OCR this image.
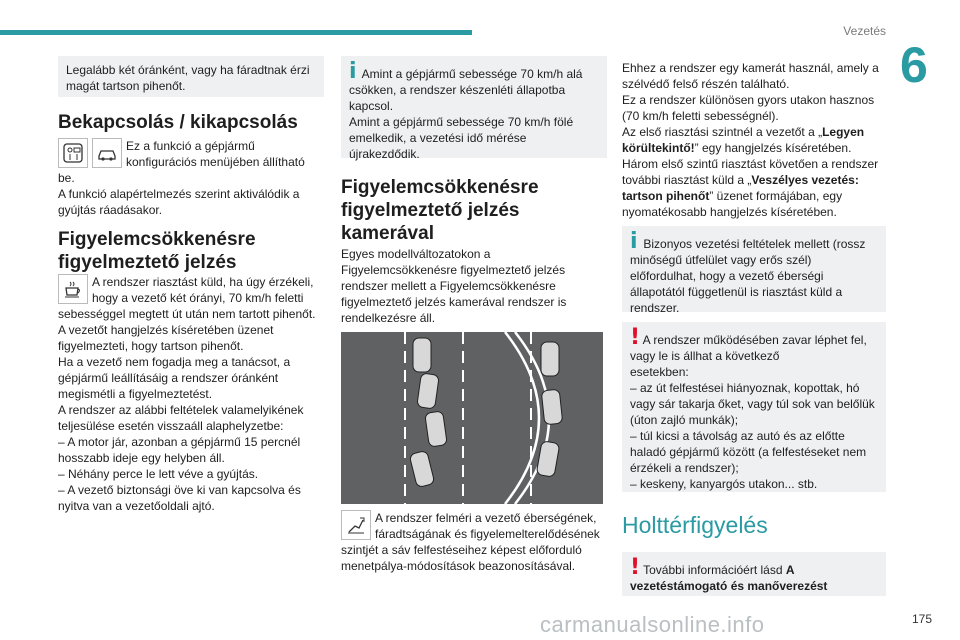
Vezetés
6
Legalább két óránként, vagy ha fáradtnak érzi magát tartson pihenőt.
Bekapcsolás / kikapcsolás

Ez a funkció a gépjármű konfigurációs menüjében állítható be.

A funkció alapértelmezés szerint aktiválódik a gyújtás ráadásakor.

Figyelemcsökkenésre figyelmeztető jelzés

A rendszer riasztást küld, ha úgy érzékeli, hogy a vezető két órányi, 70 km/h feletti sebességgel megtett út után nem tartott pihenőt.

A vezetőt hangjelzés kíséretében üzenet figyelmezteti, hogy tartson pihenőt.

Ha a vezető nem fogadja meg a tanácsot, a gépjármű leállításáig a rendszer óránként megismétli a figyelmeztetést.

A rendszer az alábbi feltételek valamelyikének teljesülése esetén visszaáll alaphelyzetbe:

– A motor jár, azonban a gépjármű 15 percnél hosszabb ideje egy helyben áll.

– Néhány perce le lett véve a gyújtás.

– A vezető biztonsági öve ki van kapcsolva és nyitva van a vezetőoldali ajtó.

i Amint a gépjármű sebessége 70 km/h alá csökken, a rendszer készenléti állapotba kapcsol.
Amint a gépjármű sebessége 70 km/h fölé emelkedik, a vezetési idő mérése újrakezdődik.
Figyelemcsökkenésre figyelmeztető jelzés kamerával

Egyes modellváltozatokon a Figyelemcsökkenésre figyelmeztető jelzés rendszer mellett a Figyelemcsökkenésre figyelmeztető jelzés kamerával rendszer is rendelkezésre áll.

A rendszer felméri a vezető éberségének, fáradtságának és figyelemelterelődésének szintjét a sáv felfestéseihez képest előforduló menetpálya-módosítások beazonosításával.

Ehhez a rendszer egy kamerát használ, amely a szélvédő felső részén található.

Ez a rendszer különösen gyors utakon hasznos (70 km/h feletti sebességnél).

Az első riasztási szintnél a vezetőt a „Legyen körültekintő!” egy hangjelzés kíséretében.

Három első szintű riasztást követően a rendszer további riasztást küld a „Veszélyes vezetés: tartson pihenőt” üzenet formájában, egy nyomatékosabb hangjelzés kíséretében.

i Bizonyos vezetési feltételek mellett (rossz minőségű útfelület vagy erős szél)
előfordulhat, hogy a vezető éberségi állapotától függetlenül is riasztást küld a rendszer.
! A rendszer működésében zavar léphet fel, vagy le is állhat a következő
esetekben:
– az út felfestései hiányoznak, kopottak, hó vagy sár takarja őket, vagy túl sok van belőlük (úton zajló munkák);
– túl kicsi a távolság az autó és az előtte haladó gépjármű között (a felfestéseket nem érzékeli a rendszer);
– keskeny, kanyargós utakon... stb.
Holttérfigyelés
! További információért lásd A vezetéstámogató és manőverezést
carmanualsonline.info	175
